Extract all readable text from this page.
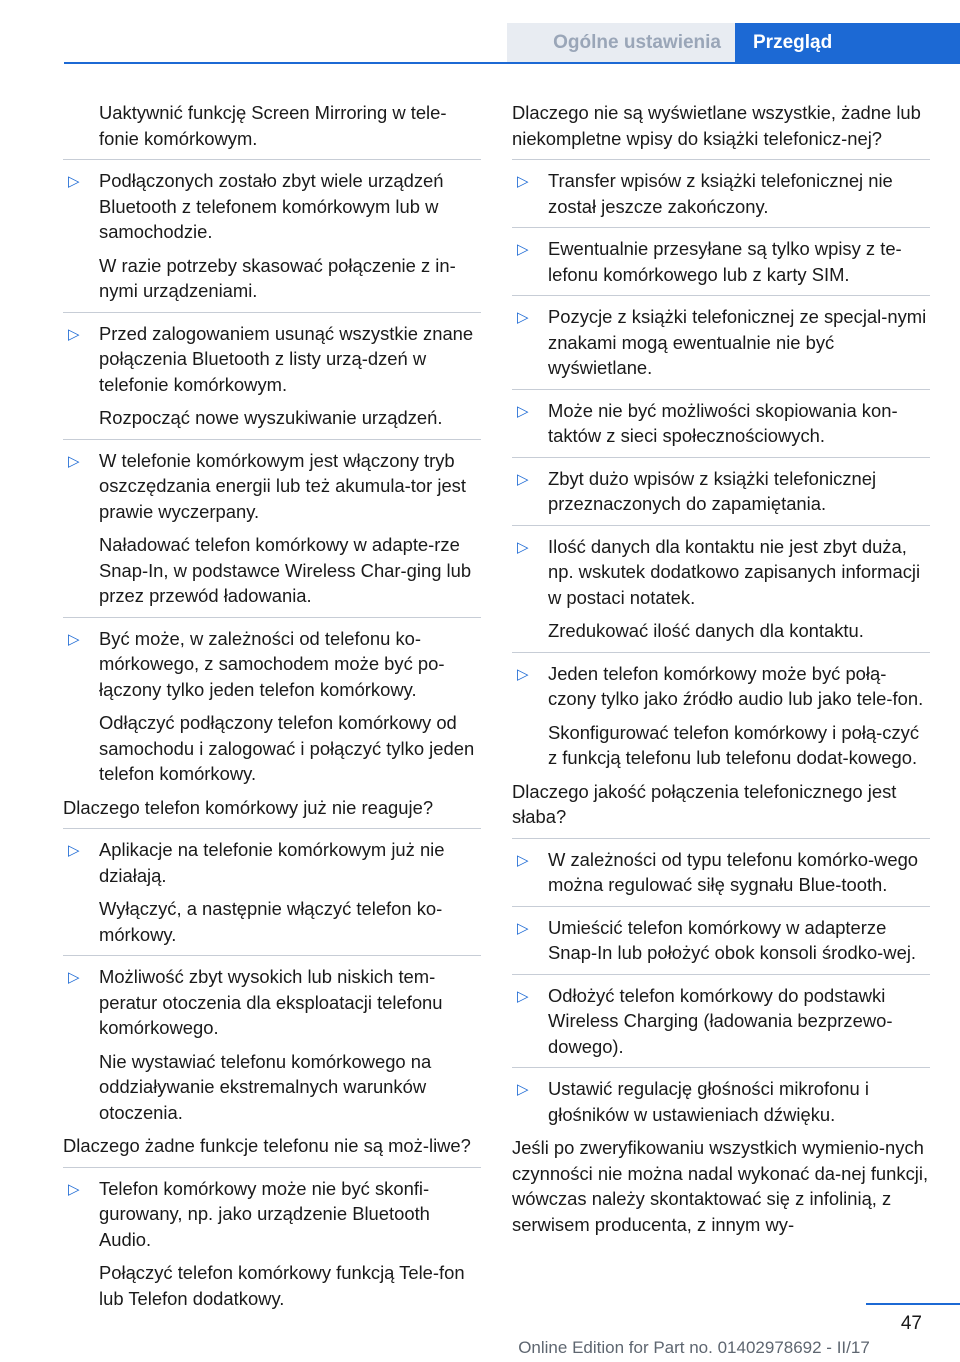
Ogólne ustawienia	Przegląd

Uaktywnić funkcję Screen Mirroring w tele-fonie komórkowym.

▷ Podłączonych zostało zbyt wiele urządzeń Bluetooth z telefonem komórkowym lub w samochodzie.

W razie potrzeby skasować połączenie z in-nymi urządzeniami.

▷ Przed zalogowaniem usunąć wszystkie znane połączenia Bluetooth z listy urzą-dzeń w telefonie komórkowym.

Rozpocząć nowe wyszukiwanie urządzeń.

▷ W telefonie komórkowym jest włączony tryb oszczędzania energii lub też akumula-tor jest prawie wyczerpany.

Naładować telefon komórkowy w adapte-rze Snap-In, w podstawce Wireless Char-ging lub przez przewód ładowania.

▷ Być może, w zależności od telefonu ko-mórkowego, z samochodem może być po-łączony tylko jeden telefon komórkowy.

Odłączyć podłączony telefon komórkowy od samochodu i zalogować i połączyć tylko jeden telefon komórkowy.

Dlaczego telefon komórkowy już nie reaguje?

▷ Aplikacje na telefonie komórkowym już nie działają.

Wyłączyć, a następnie włączyć telefon ko-mórkowy.

▷ Możliwość zbyt wysokich lub niskich tem-peratur otoczenia dla eksploatacji telefonu komórkowego.

Nie wystawiać telefonu komórkowego na oddziaływanie ekstremalnych warunków otoczenia.

Dlaczego żadne funkcje telefonu nie są moż-liwe?

▷ Telefon komórkowy może nie być skonfi-gurowany, np. jako urządzenie Bluetooth Audio.

Połączyć telefon komórkowy funkcją Tele-fon lub Telefon dodatkowy.

Dlaczego nie są wyświetlane wszystkie, żadne lub niekompletne wpisy do książki telefonicz-nej?

▷ Transfer wpisów z książki telefonicznej nie został jeszcze zakończony.

▷ Ewentualnie przesyłane są tylko wpisy z te-lefonu komórkowego lub z karty SIM.

▷ Pozycje z książki telefonicznej ze specjal-nymi znakami mogą ewentualnie nie być wyświetlane.

▷ Może nie być możliwości skopiowania kon-taktów z sieci społecznościowych.

▷ Zbyt dużo wpisów z książki telefonicznej przeznaczonych do zapamiętania.

▷ Ilość danych dla kontaktu nie jest zbyt duża, np. wskutek dodatkowo zapisanych informacji w postaci notatek.

Zredukować ilość danych dla kontaktu.

▷ Jeden telefon komórkowy może być połą-czony tylko jako źródło audio lub jako tele-fon.

Skonfigurować telefon komórkowy i połą-czyć z funkcją telefonu lub telefonu dodat-kowego.

Dlaczego jakość połączenia telefonicznego jest słaba?

▷ W zależności od typu telefonu komórko-wego można regulować siłę sygnału Blue-tooth.

▷ Umieścić telefon komórkowy w adapterze Snap-In lub położyć obok konsoli środko-wej.

▷ Odłożyć telefon komórkowy do podstawki Wireless Charging (ładowania bezprzewo-dowego).

▷ Ustawić regulację głośności mikrofonu i głośników w ustawieniach dźwięku.

Jeśli po zweryfikowaniu wszystkich wymienio-nych czynności nie można nadal wykonać da-nej funkcji, wówczas należy skontaktować się z infolinią, z serwisem producenta, z innym wy-

47
Online Edition for Part no. 01402978692 - II/17
